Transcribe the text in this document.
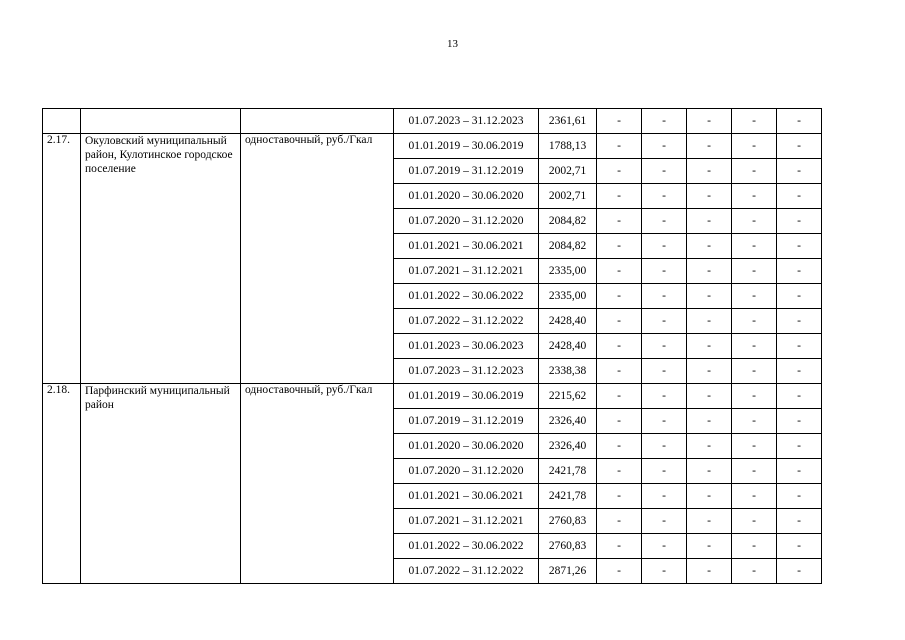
13
			01.07.2023 – 31.12.2023	2361,61	-	-	-	-	-
2.17.	Окуловский муниципальный район, Кулотинское городское поселение	одноставочный, руб./Гкал	01.01.2019 – 30.06.2019	1788,13	-	-	-	-	-
			01.07.2019 – 31.12.2019	2002,71	-	-	-	-	-
			01.01.2020 – 30.06.2020	2002,71	-	-	-	-	-
			01.07.2020 – 31.12.2020	2084,82	-	-	-	-	-
			01.01.2021 – 30.06.2021	2084,82	-	-	-	-	-
			01.07.2021 – 31.12.2021	2335,00	-	-	-	-	-
			01.01.2022 – 30.06.2022	2335,00	-	-	-	-	-
			01.07.2022 – 31.12.2022	2428,40	-	-	-	-	-
			01.01.2023 – 30.06.2023	2428,40	-	-	-	-	-
			01.07.2023 – 31.12.2023	2338,38	-	-	-	-	-
2.18.	Парфинский муниципальный район	одноставочный, руб./Гкал	01.01.2019 – 30.06.2019	2215,62	-	-	-	-	-
			01.07.2019 – 31.12.2019	2326,40	-	-	-	-	-
			01.01.2020 – 30.06.2020	2326,40	-	-	-	-	-
			01.07.2020 – 31.12.2020	2421,78	-	-	-	-	-
			01.01.2021 – 30.06.2021	2421,78	-	-	-	-	-
			01.07.2021 – 31.12.2021	2760,83	-	-	-	-	-
			01.01.2022 – 30.06.2022	2760,83	-	-	-	-	-
			01.07.2022 – 31.12.2022	2871,26	-	-	-	-	-
